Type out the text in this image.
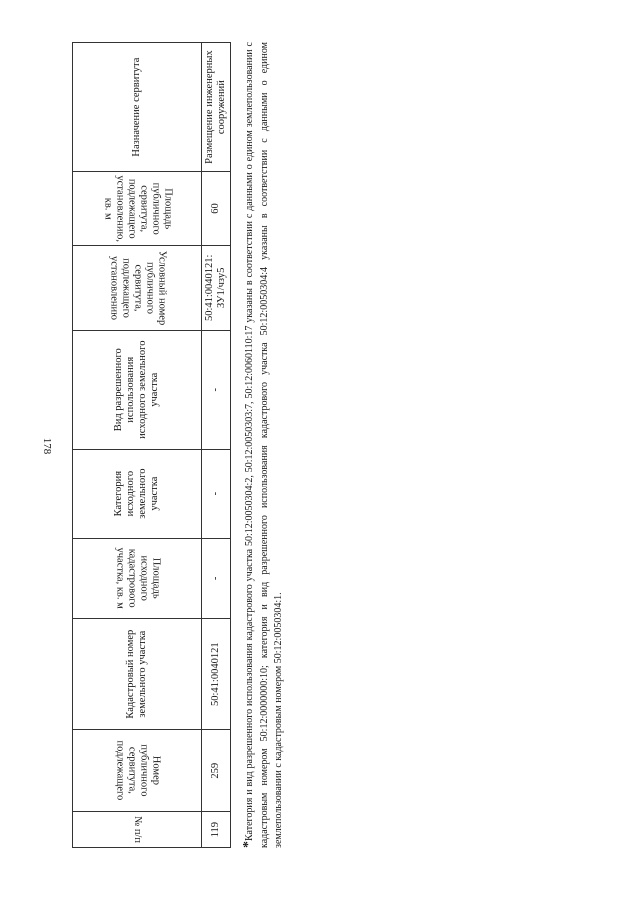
178
№ п/п	Номер публичного сервитута, подлежащего	Кадастровый номер земельного участка	Площадь исходного кадастрового участка, кв. м	Категория исходного земельного участка	Вид разрешенного использования исходного земельного участка	Условный номер публичного сервитута, подлежащего установлению	Площадь публичного сервитута, подлежащего установлению, кв. м	Назначение сервитута
119	259	50:41:0040121	-	-	-	50:41:0040121: ЗУ1/чзу5	60	Размещение инженерных сооружений

*Категория и вид разрешенного использования кадастрового участка 50:12:0050304:2, 50:12:0050303:7, 50:12:0060110:17 указаны в соответствии с данными о едином землепользовании с кадастровым номером 50:12:0000000:10; категория и вид разрешенного использования кадастрового участка 50:12:0050304:4 указаны в соответствии с данными о едином землепользовании с кадастровым номером 50:12:0050304:1.
